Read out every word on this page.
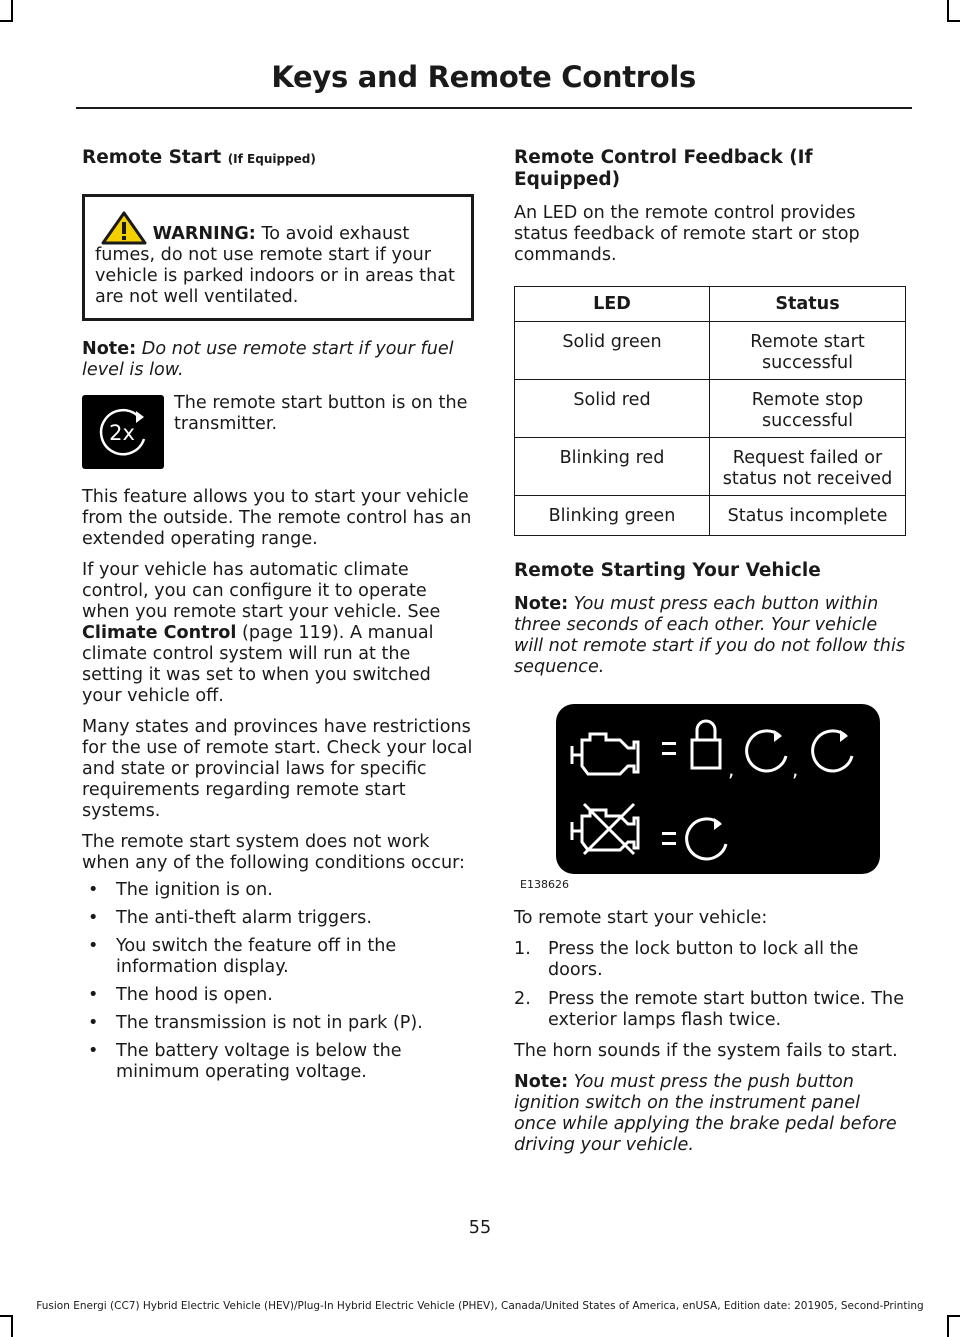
Keys and Remote Controls
Remote Start (If Equipped)
WARNING: To avoid exhaust fumes, do not use remote start if your vehicle is parked indoors or in areas that are not well ventilated.

Note: Do not use remote start if your fuel level is low.

2x

The remote start button is on the transmitter.

This feature allows you to start your vehicle from the outside. The remote control has an extended operating range.

If your vehicle has automatic climate control, you can configure it to operate when you remote start your vehicle. See Climate Control (page 119). A manual climate control system will run at the setting it was set to when you switched your vehicle off.

Many states and provinces have restrictions for the use of remote start. Check your local and state or provincial laws for specific requirements regarding remote start systems.

The remote start system does not work when any of the following conditions occur:

• The ignition is on.
• The anti-theft alarm triggers.
• You switch the feature off in the information display.
• The hood is open.
• The transmission is not in park (P).
• The battery voltage is below the minimum operating voltage.
Remote Control Feedback (If Equipped)

An LED on the remote control provides status feedback of remote start or stop commands.

LED	Status
Solid green	Remote start successful
Solid red	Remote stop successful
Blinking red	Request failed or status not received
Blinking green	Status incomplete
Remote Starting Your Vehicle

Note: You must press each button within three seconds of each other. Your vehicle will not remote start if you do not follow this sequence.

,	,
E138626

To remote start your vehicle:

1. Press the lock button to lock all the doors.
2. Press the remote start button twice. The exterior lamps flash twice.

The horn sounds if the system fails to start.

Note: You must press the push button ignition switch on the instrument panel once while applying the brake pedal before driving your vehicle.

55
Fusion Energi (CC7) Hybrid Electric Vehicle (HEV)/Plug-In Hybrid Electric Vehicle (PHEV), Canada/United States of America, enUSA, Edition date: 201905, Second-Printing
